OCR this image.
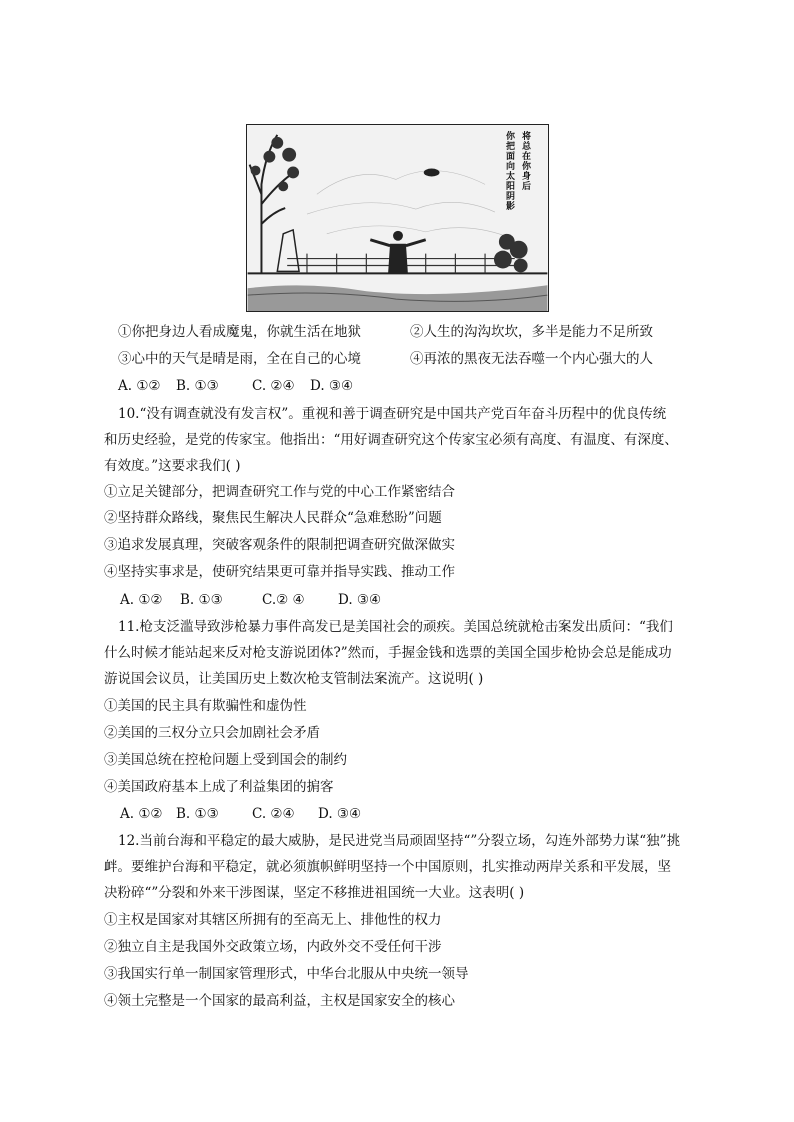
你把面向太阳阴影 将总在你身后
①你把身边人看成魔鬼，你就生活在地狱	②人生的沟沟坎坎，多半是能力不足所致
③心中的天气是晴是雨，全在自己的心境	④再浓的黑夜无法吞噬一个内心强大的人
A. ①② B. ①③ C. ②④ D. ③④
10.“没有调查就没有发言权”。重视和善于调查研究是中国共产党百年奋斗历程中的优良传统
和历史经验，是党的传家宝。他指出：“用好调查研究这个传家宝必须有高度、有温度、有深度、
有效度。”这要求我们( )
①立足关键部分，把调查研究工作与党的中心工作紧密结合
②坚持群众路线，聚焦民生解决人民群众“急难愁盼”问题
③追求发展真理，突破客观条件的限制把调查研究做深做实
④坚持实事求是，使研究结果更可靠并指导实践、推动工作
A. ①② B. ①③	C.② ④ D. ③④
11.枪支泛滥导致涉枪暴力事件高发已是美国社会的顽疾。美国总统就枪击案发出质问：“我们
什么时候才能站起来反对枪支游说团体?”然而，手握金钱和选票的美国全国步枪协会总是能成功
游说国会议员，让美国历史上数次枪支管制法案流产。这说明( )
①美国的民主具有欺骗性和虚伪性
②美国的三权分立只会加剧社会矛盾
③美国总统在控枪问题上受到国会的制约
④美国政府基本上成了利益集团的掮客
A. ①② B. ①③ C. ②④ D. ③④
12.当前台海和平稳定的最大威胁，是民进党当局顽固坚持“”分裂立场，勾连外部势力谋“独”挑
衅。要维护台海和平稳定，就必须旗帜鲜明坚持一个中国原则，扎实推动两岸关系和平发展，坚
决粉碎“”分裂和外来干涉图谋，坚定不移推进祖国统一大业。这表明( )
①主权是国家对其辖区所拥有的至高无上、排他性的权力
②独立自主是我国外交政策立场，内政外交不受任何干涉
③我国实行单一制国家管理形式，中华台北服从中央统一领导
④领土完整是一个国家的最高利益，主权是国家安全的核心
